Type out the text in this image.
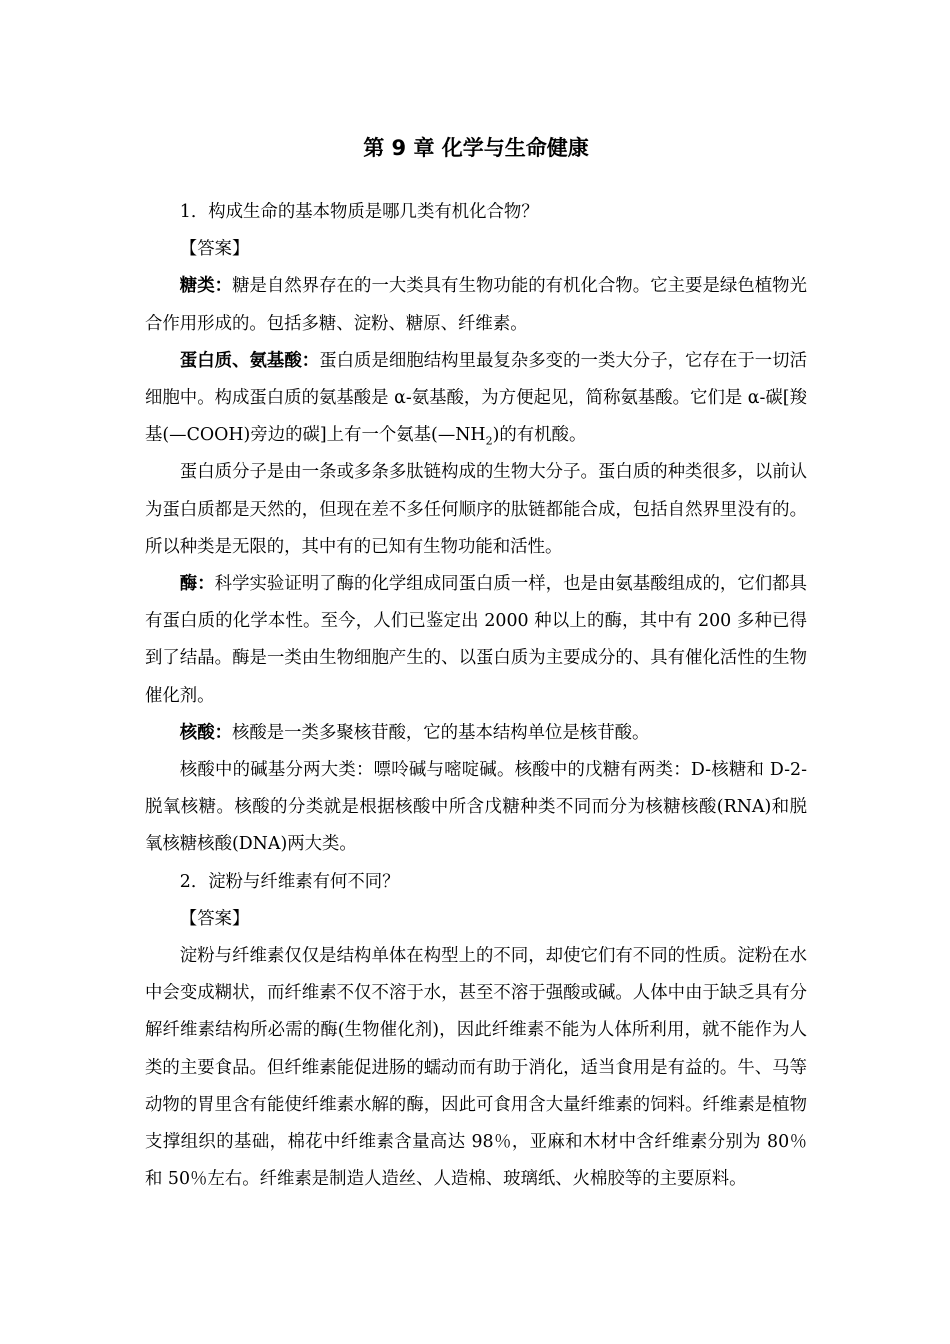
第 9 章 化学与生命健康

1．构成生命的基本物质是哪几类有机化合物？

【答案】

糖类：糖是自然界存在的一大类具有生物功能的有机化合物。它主要是绿色植物光合作用形成的。包括多糖、淀粉、糖原、纤维素。

蛋白质、氨基酸：蛋白质是细胞结构里最复杂多变的一类大分子，它存在于一切活细胞中。构成蛋白质的氨基酸是 α-氨基酸，为方便起见，简称氨基酸。它们是 α-碳[羧基(—COOH)旁边的碳]上有一个氨基$(—NH_2)$的有机酸。

蛋白质分子是由一条或多条多肽链构成的生物大分子。蛋白质的种类很多，以前认为蛋白质都是天然的，但现在差不多任何顺序的肽链都能合成，包括自然界里没有的。所以种类是无限的，其中有的已知有生物功能和活性。

酶：科学实验证明了酶的化学组成同蛋白质一样，也是由氨基酸组成的，它们都具有蛋白质的化学本性。至今，人们已鉴定出 2000 种以上的酶，其中有 200 多种已得到了结晶。酶是一类由生物细胞产生的、以蛋白质为主要成分的、具有催化活性的生物催化剂。

核酸：核酸是一类多聚核苷酸，它的基本结构单位是核苷酸。

核酸中的碱基分两大类：嘌呤碱与嘧啶碱。核酸中的戊糖有两类：D-核糖和 D-2-脱氧核糖。核酸的分类就是根据核酸中所含戊糖种类不同而分为核糖核酸(RNA)和脱氧核糖核酸(DNA)两大类。

2．淀粉与纤维素有何不同？

【答案】

淀粉与纤维素仅仅是结构单体在构型上的不同，却使它们有不同的性质。淀粉在水中会变成糊状，而纤维素不仅不溶于水，甚至不溶于强酸或碱。人体中由于缺乏具有分解纤维素结构所必需的酶(生物催化剂)，因此纤维素不能为人体所利用，就不能作为人类的主要食品。但纤维素能促进肠的蠕动而有助于消化，适当食用是有益的。牛、马等动物的胃里含有能使纤维素水解的酶，因此可食用含大量纤维素的饲料。纤维素是植物支撑组织的基础，棉花中纤维素含量高达 98％，亚麻和木材中含纤维素分别为 80％和 50％左右。纤维素是制造人造丝、人造棉、玻璃纸、火棉胶等的主要原料。
